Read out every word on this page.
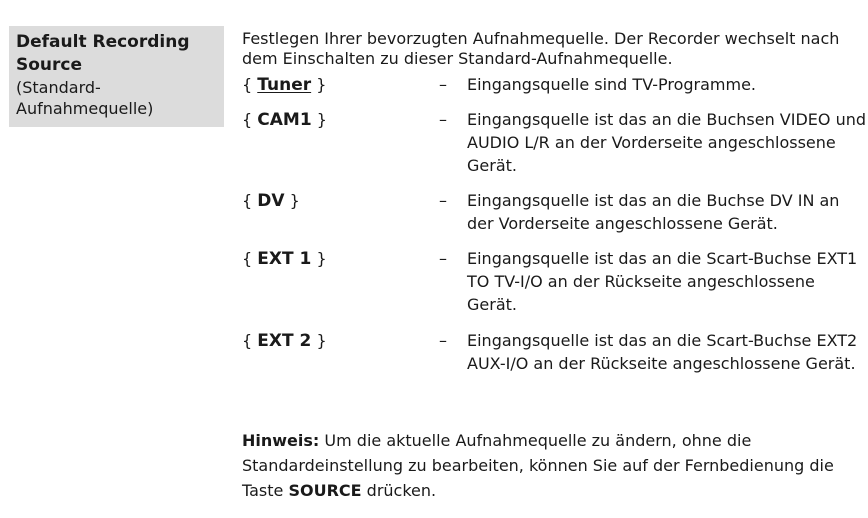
Default Recording Source
(Standard-Aufnahmequelle)
Festlegen Ihrer bevorzugten Aufnahmequelle. Der Recorder wechselt nach dem Einschalten zu dieser Standard-Aufnahmequelle.
{ Tuner }	– Eingangsquelle sind TV-Programme.
{ CAM1 }	– Eingangsquelle ist das an die Buchsen VIDEO und AUDIO L/R an der Vorderseite angeschlossene Gerät.
{ DV }	– Eingangsquelle ist das an die Buchse DV IN an der Vorderseite angeschlossene Gerät.
{ EXT 1 }	– Eingangsquelle ist das an die Scart-Buchse EXT1 TO TV-I/O an der Rückseite angeschlossene Gerät.
{ EXT 2 }	– Eingangsquelle ist das an die Scart-Buchse EXT2 AUX-I/O an der Rückseite angeschlossene Gerät.
Hinweis: Um die aktuelle Aufnahmequelle zu ändern, ohne die Standardeinstellung zu bearbeiten, können Sie auf der Fernbedienung die Taste SOURCE drücken.
